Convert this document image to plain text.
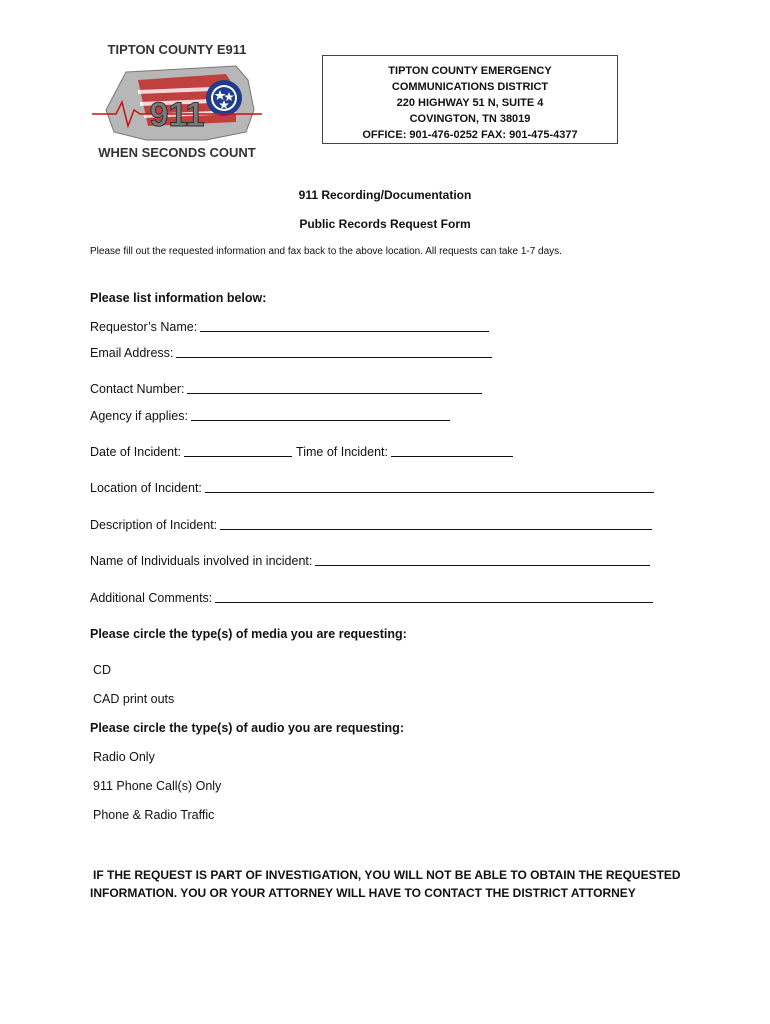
TIPTON COUNTY E911
911
WHEN SECONDS COUNT
TIPTON COUNTY EMERGENCY
COMMUNICATIONS DISTRICT
220 HIGHWAY 51 N, SUITE 4
COVINGTON, TN 38019
OFFICE: 901-476-0252 FAX: 901-475-4377
911 Recording/Documentation
Public Records Request Form
Please fill out the requested information and fax back to the above location. All requests can take 1-7 days.
Please list information below:
Requestor’s Name:
Email Address:
Contact Number:
Agency if applies:
Date of Incident:	Time of Incident:
Location of Incident:
Description of Incident:
Name of Individuals involved in incident:
Additional Comments:
Please circle the type(s) of media you are requesting:
CD
CAD print outs
Please circle the type(s) of audio you are requesting:
Radio Only
911 Phone Call(s) Only
Phone & Radio Traffic
IF THE REQUEST IS PART OF INVESTIGATION, YOU WILL NOT BE ABLE TO OBTAIN THE REQUESTED
INFORMATION. YOU OR YOUR ATTORNEY WILL HAVE TO CONTACT THE DISTRICT ATTORNEY
